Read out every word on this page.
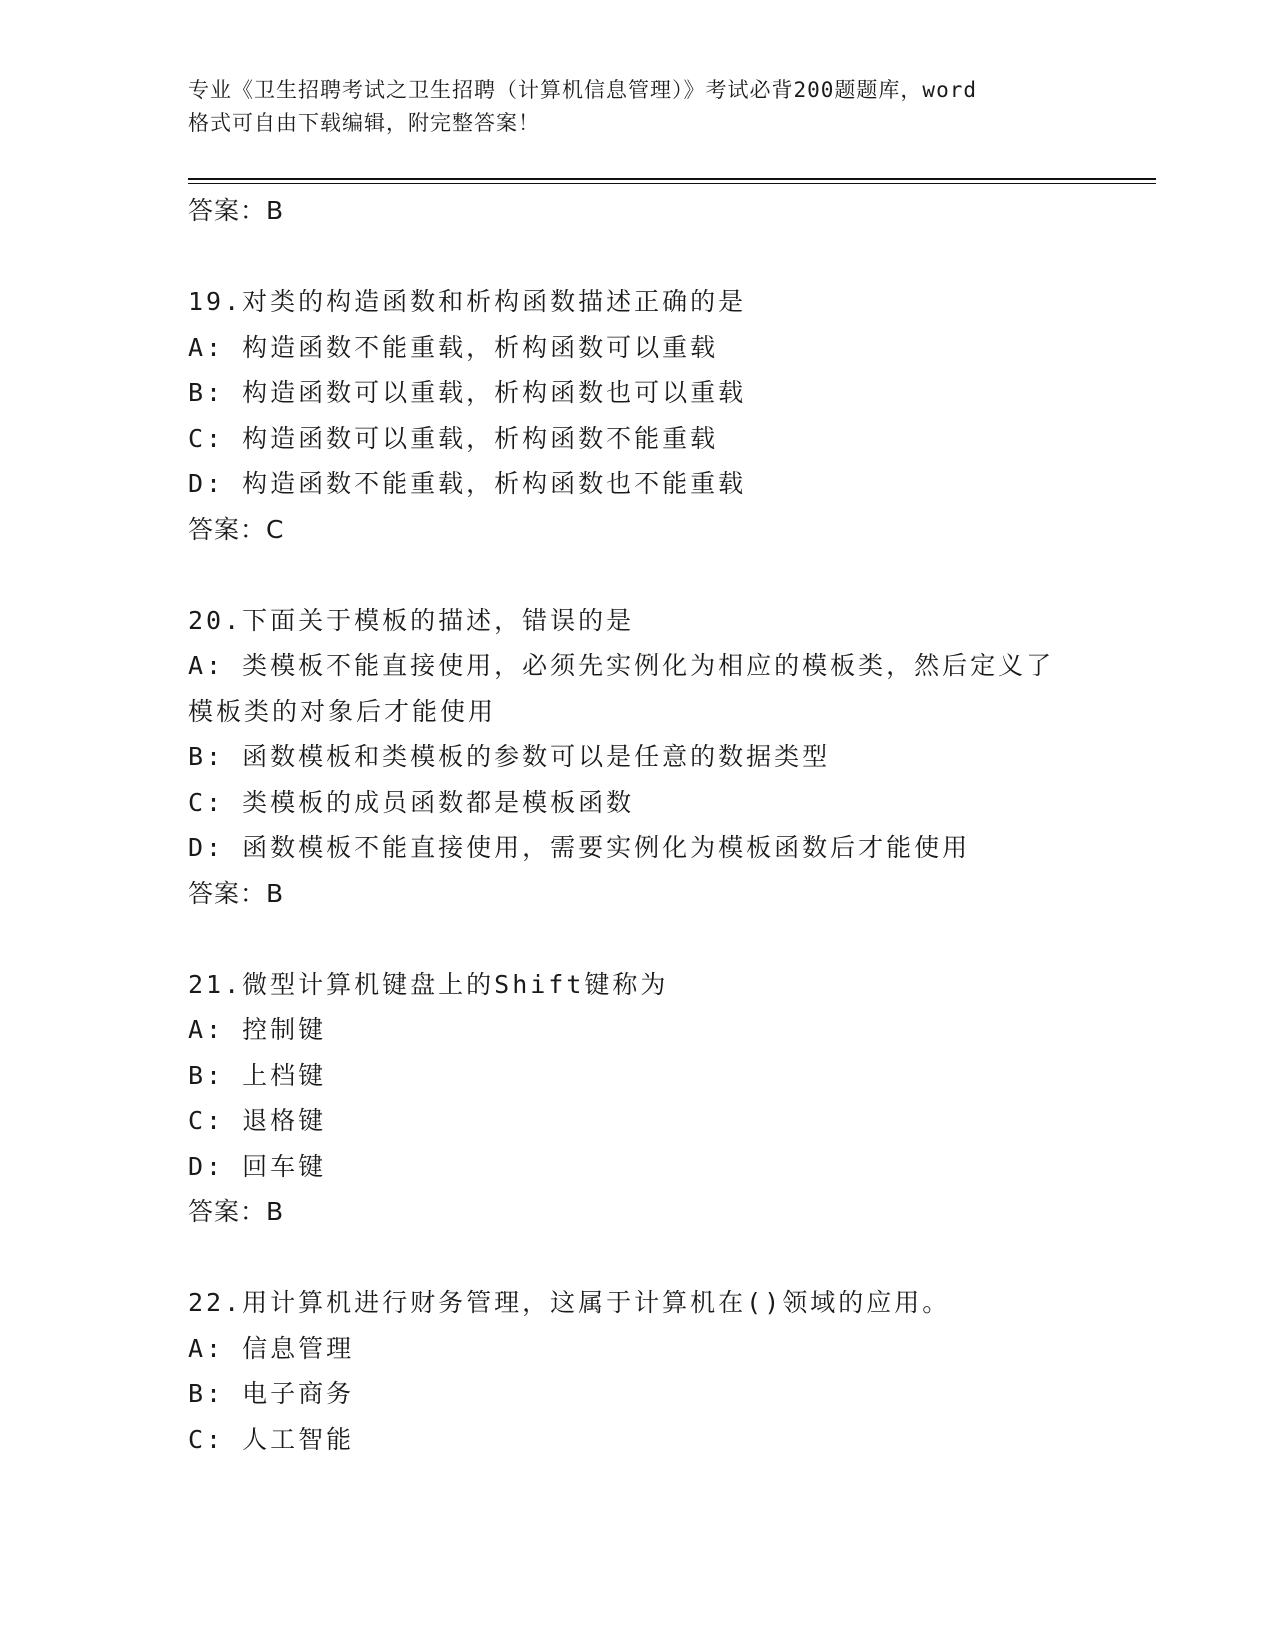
专业《卫生招聘考试之卫生招聘（计算机信息管理）》考试必背200题题库，word
格式可自由下载编辑，附完整答案！
答案：B
19.对类的构造函数和析构函数描述正确的是
A: 构造函数不能重载，析构函数可以重载
B: 构造函数可以重载，析构函数也可以重载
C: 构造函数可以重载，析构函数不能重载
D: 构造函数不能重载，析构函数也不能重载
答案：C
20.下面关于模板的描述，错误的是
A: 类模板不能直接使用，必须先实例化为相应的模板类，然后定义了
模板类的对象后才能使用
B: 函数模板和类模板的参数可以是任意的数据类型
C: 类模板的成员函数都是模板函数
D: 函数模板不能直接使用，需要实例化为模板函数后才能使用
答案：B
21.微型计算机键盘上的Shift键称为
A: 控制键
B: 上档键
C: 退格键
D: 回车键
答案：B
22.用计算机进行财务管理，这属于计算机在()领域的应用。
A: 信息管理
B: 电子商务
C: 人工智能
